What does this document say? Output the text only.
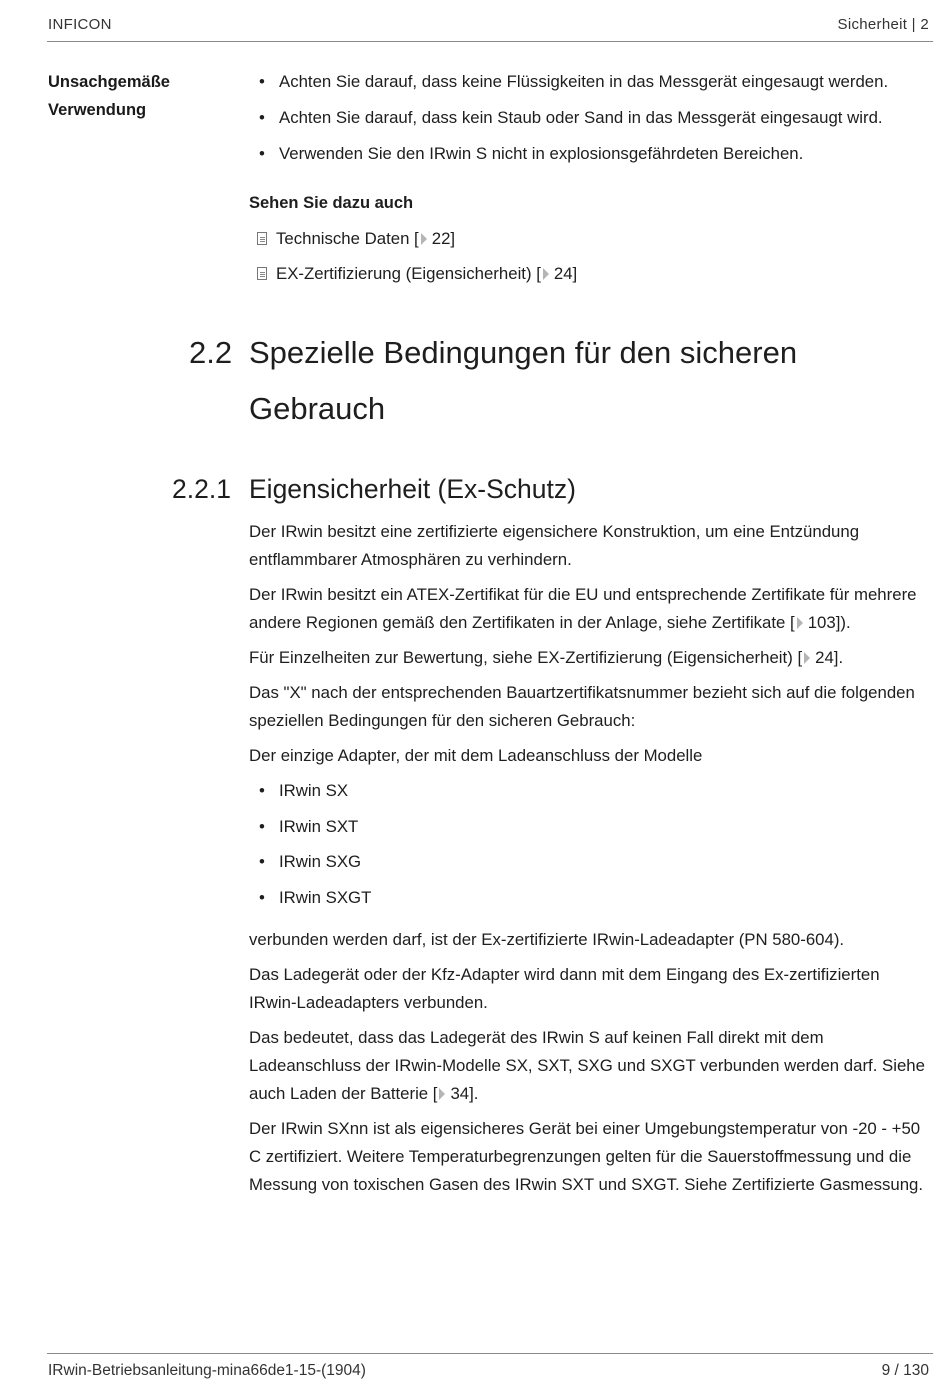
INFICON	Sicherheit | 2
Unsachgemäße
Verwendung
• Achten Sie darauf, dass keine Flüssigkeiten in das Messgerät eingesaugt werden.
• Achten Sie darauf, dass kein Staub oder Sand in das Messgerät eingesaugt wird.
• Verwenden Sie den IRwin S nicht in explosionsgefährdeten Bereichen.
Sehen Sie dazu auch
Technische Daten [ 22]
EX-Zertifizierung (Eigensicherheit) [ 24]
2.2 Spezielle Bedingungen für den sicheren Gebrauch
2.2.1 Eigensicherheit (Ex-Schutz)

Der IRwin besitzt eine zertifizierte eigensichere Konstruktion, um eine Entzündung entflammbarer Atmosphären zu verhindern.

Der IRwin besitzt ein ATEX-Zertifikat für die EU und entsprechende Zertifikate für mehrere andere Regionen gemäß den Zertifikaten in der Anlage, siehe Zertifikate [ 103]).

Für Einzelheiten zur Bewertung, siehe EX-Zertifizierung (Eigensicherheit) [ 24].

Das "X" nach der entsprechenden Bauartzertifikatsnummer bezieht sich auf die folgenden speziellen Bedingungen für den sicheren Gebrauch:

Der einzige Adapter, der mit dem Ladeanschluss der Modelle

• IRwin SX
• IRwin SXT
• IRwin SXG
• IRwin SXGT

verbunden werden darf, ist der Ex-zertifizierte IRwin-Ladeadapter (PN 580-604).

Das Ladegerät oder der Kfz-Adapter wird dann mit dem Eingang des Ex-zertifizierten IRwin-Ladeadapters verbunden.

Das bedeutet, dass das Ladegerät des IRwin S auf keinen Fall direkt mit dem Ladeanschluss der IRwin-Modelle SX, SXT, SXG und SXGT verbunden werden darf. Siehe auch Laden der Batterie [ 34].

Der IRwin SXnn ist als eigensicheres Gerät bei einer Umgebungstemperatur von -20 - +50 C zertifiziert. Weitere Temperaturbegrenzungen gelten für die Sauerstoffmessung und die Messung von toxischen Gasen des IRwin SXT und SXGT. Siehe Zertifizierte Gasmessung.

IRwin-Betriebsanleitung-mina66de1-15-(1904)	9 / 130
